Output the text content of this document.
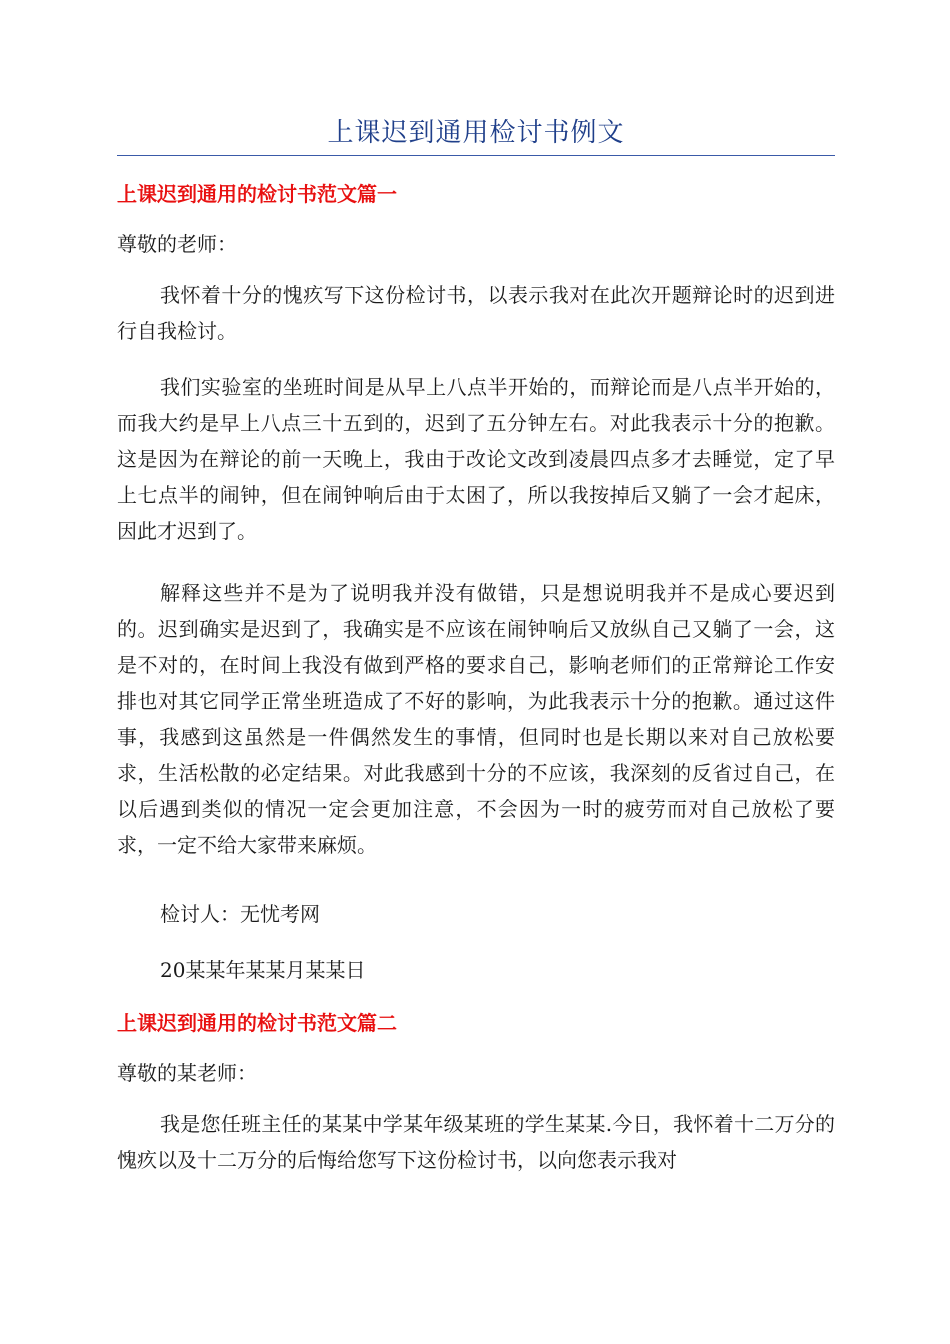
上课迟到通用检讨书例文
上课迟到通用的检讨书范文篇一
尊敬的老师：
我怀着十分的愧疚写下这份检讨书，以表示我对在此次开题辩论时的迟到进行自我检讨。
我们实验室的坐班时间是从早上八点半开始的，而辩论而是八点半开始的，而我大约是早上八点三十五到的，迟到了五分钟左右。对此我表示十分的抱歉。这是因为在辩论的前一天晚上，我由于改论文改到凌晨四点多才去睡觉，定了早上七点半的闹钟，但在闹钟响后由于太困了，所以我按掉后又躺了一会才起床，因此才迟到了。
解释这些并不是为了说明我并没有做错，只是想说明我并不是成心要迟到的。迟到确实是迟到了，我确实是不应该在闹钟响后又放纵自己又躺了一会，这是不对的，在时间上我没有做到严格的要求自己，影响老师们的正常辩论工作安排也对其它同学正常坐班造成了不好的影响，为此我表示十分的抱歉。通过这件事，我感到这虽然是一件偶然发生的事情，但同时也是长期以来对自己放松要求，生活松散的必定结果。对此我感到十分的不应该，我深刻的反省过自己，在以后遇到类似的情况一定会更加注意，不会因为一时的疲劳而对自己放松了要求，一定不给大家带来麻烦。
检讨人：无忧考网
20某某年某某月某某日
上课迟到通用的检讨书范文篇二
尊敬的某老师：
我是您任班主任的某某中学某年级某班的学生某某.今日，我怀着十二万分的愧疚以及十二万分的后悔给您写下这份检讨书，以向您表示我对
